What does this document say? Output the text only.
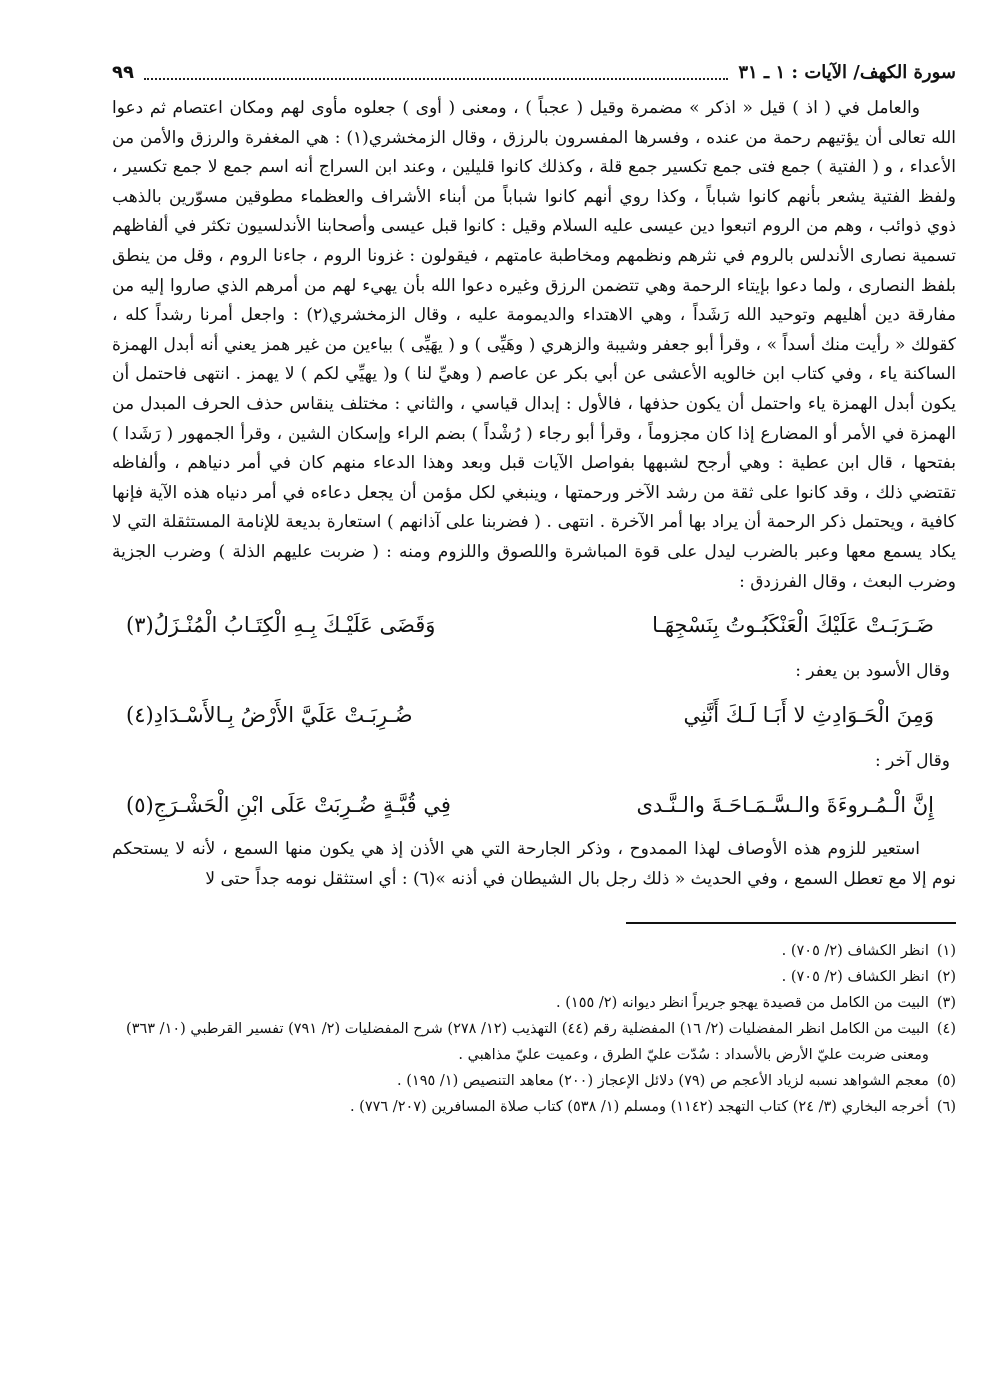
سورة الكهف/ الآيات : ١ ـ ٣١
٩٩

والعامل في ( اذ ) قيل « اذكر » مضمرة وقيل ( عجباً ) ، ومعنى ( أوى ) جعلوه مأوى لهم ومكان اعتصام ثم دعوا الله تعالى أن يؤتيهم رحمة من عنده ، وفسرها المفسرون بالرزق ، وقال الزمخشري(١) : هي المغفرة والرزق والأمن من الأعداء ، و ( الفتية ) جمع فتى جمع تكسير جمع قلة ، وكذلك كانوا قليلين ، وعند ابن السراج أنه اسم جمع لا جمع تكسير ، ولفظ الفتية يشعر بأنهم كانوا شباباً ، وكذا روي أنهم كانوا شباباً من أبناء الأشراف والعظماء مطوقين مسوّرين بالذهب ذوي ذوائب ، وهم من الروم اتبعوا دين عيسى عليه السلام وقيل : كانوا قبل عيسى وأصحابنا الأندلسيون تكثر في ألفاظهم تسمية نصارى الأندلس بالروم في نثرهم ونظمهم ومخاطبة عامتهم ، فيقولون : غزونا الروم ، جاءنا الروم ، وقل من ينطق بلفظ النصارى ، ولما دعوا بإيتاء الرحمة وهي تتضمن الرزق وغيره دعوا الله بأن يهيء لهم من أمرهم الذي صاروا إليه من مفارقة دين أهليهم وتوحيد الله رَشَداً ، وهي الاهتداء والديمومة عليه ، وقال الزمخشري(٢) : واجعل أمرنا رشداً كله ، كقولك « رأيت منك أسداً » ، وقرأ أبو جعفر وشيبة والزهري ( وهَيِّى ) و ( يهَيِّى ) بياءين من غير همز يعني أنه أبدل الهمزة الساكنة ياء ، وفي كتاب ابن خالويه الأعشى عن أبي بكر عن عاصم ( وهيِّ لنا ) و( يهيِّي لكم ) لا يهمز . انتهى فاحتمل أن يكون أبدل الهمزة ياء واحتمل أن يكون حذفها ، فالأول : إبدال قياسي ، والثاني : مختلف ينقاس حذف الحرف المبدل من الهمزة في الأمر أو المضارع إذا كان مجزوماً ، وقرأ أبو رجاء ( رُشْداً ) بضم الراء وإسكان الشين ، وقرأ الجمهور ( رَشَدا ) بفتحها ، قال ابن عطية : وهي أرجح لشبهها بفواصل الآيات قبل وبعد وهذا الدعاء منهم كان في أمر دنياهم ، وألفاظه تقتضي ذلك ، وقد كانوا على ثقة من رشد الآخر ورحمتها ، وينبغي لكل مؤمن أن يجعل دعاءه في أمر دنياه هذه الآية فإنها كافية ، ويحتمل ذكر الرحمة أن يراد بها أمر الآخرة . انتهى . ( فضربنا على آذانهم ) استعارة بديعة للإنامة المستثقلة التي لا يكاد يسمع معها وعبر بالضرب ليدل على قوة المباشرة واللصوق واللزوم ومنه : ( ضربت عليهم الذلة ) وضرب الجزية وضرب البعث ، وقال الفرزدق :

ضَـرَبَـتْ عَلَيْكَ الْعَنْكَبُـوتُ بِنَسْجِهَـا
وَقَضَى عَلَيْـكَ بِـهِ الْكِتَـابُ الْمُنْـزَلُ(٣)
وقال الأسود بن يعفر :
وَمِنَ الْحَـوَادِثِ لا أَبَـا لَـكَ أَنَّنِي
ضُـرِبَـتْ عَلَيَّ الأَرْضُ بِـالأَسْـدَادِ(٤)
وقال آخر :
إِنَّ الْـمُـروءَةَ والـسَّـمَـاحَـةَ والـنَّـدى
فِي قُبَّـةٍ ضُـرِبَتْ عَلَى ابْنِ الْحَشْـرَجِ(٥)

استعير للزوم هذه الأوصاف لهذا الممدوح ، وذكر الجارحة التي هي الأذن إذ هي يكون منها السمع ، لأنه لا يستحكم نوم إلا مع تعطل السمع ، وفي الحديث « ذلك رجل بال الشيطان في أذنه »(٦) : أي استثقل نومه جداً حتى لا

(١)
انظر الكشاف (٢/ ٧٠٥) .
(٢)
انظر الكشاف (٢/ ٧٠٥) .
(٣)
البيت من الكامل من قصيدة يهجو جريراً انظر ديوانه (٢/ ١٥٥) .
(٤)
البيت من الكامل انظر المفضليات (٢/ ١٦) المفضلية رقم (٤٤) التهذيب (١٢/ ٢٧٨) شرح المفضليات (٢/ ٧٩١) تفسير القرطبي (١٠/ ٣٦٣) ومعنى ضربت عليّ الأرض بالأسداد : سُدّت عليّ الطرق ، وعميت عليّ مذاهبي .
(٥)
معجم الشواهد نسبه لزياد الأعجم ص (٧٩) دلائل الإعجاز (٢٠٠) معاهد التنصيص (١/ ١٩٥) .
(٦)
أخرجه البخاري (٣/ ٢٤) كتاب التهجد (١١٤٢) ومسلم (١/ ٥٣٨) كتاب صلاة المسافرين (٢٠٧/ ٧٧٦) .
